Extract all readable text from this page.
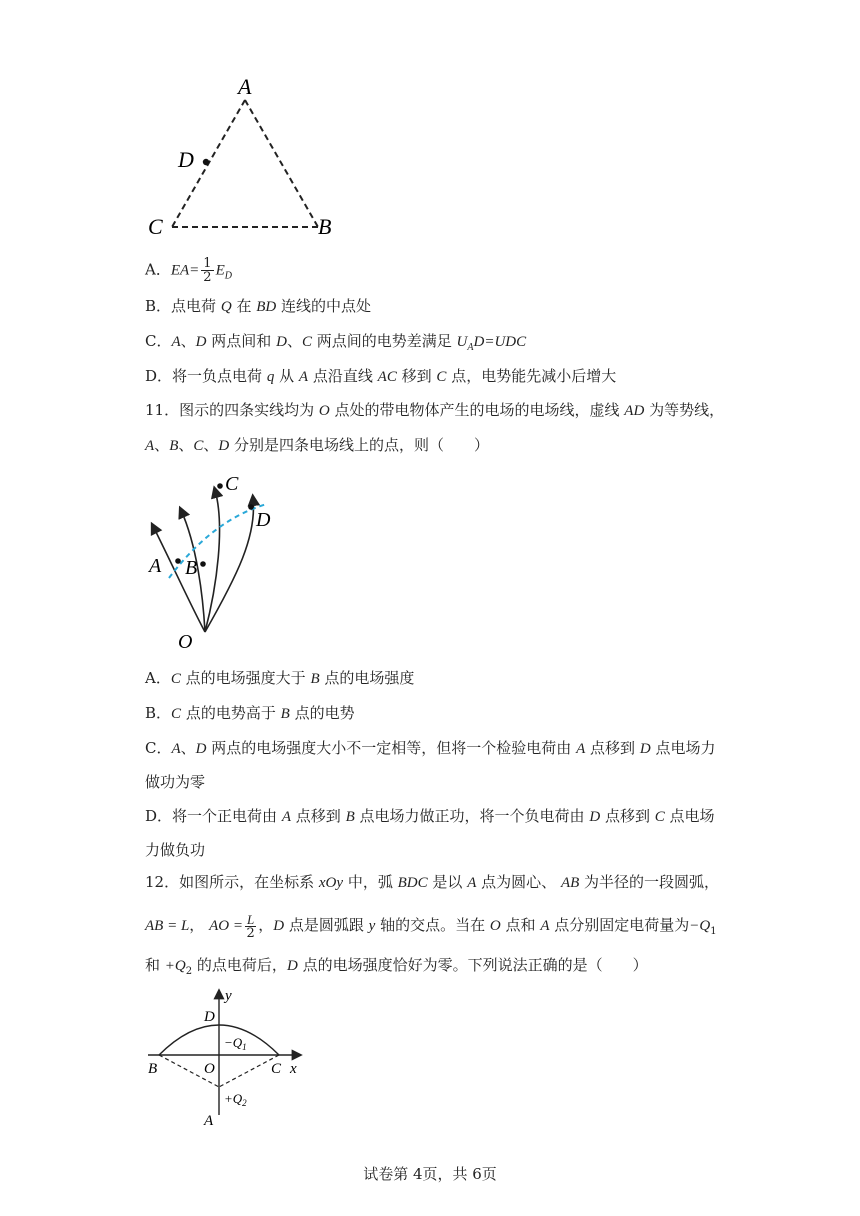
A
D
C	B
A．$EA= \frac{1}{2} E_D$
B．点电荷 Q 在 BD 连线的中点处
C．A、D 两点间和 D、C 两点间的电势差满足 $U_AD=UDC$
D．将一负点电荷 q 从 A 点沿直线 AC 移到 C 点，电势能先减小后增大
11．图示的四条实线均为 O 点处的带电物体产生的电场的电场线，虚线 AD 为等势线，
A、B、C、D 分别是四条电场线上的点，则（　　）
A B
C
D
O
A．C 点的电场强度大于 B 点的电场强度
B．C 点的电势高于 B 点的电势
C．A、D 两点的电场强度大小不一定相等，但将一个检验电荷由 A 点移到 D 点电场力
做功为零
D．将一个正电荷由 A 点移到 B 点电场力做正功，将一个负电荷由 D 点移到 C 点电场
力做负功
12．如图所示，在坐标系 xOy 中，弧 BDC 是以 A 点为圆心、 AB 为半径的一段圆弧，
AB = L， AO = $\frac{L}{2}$ ，D 点是圆弧跟 y 轴的交点。当在 O 点和 A 点分别固定电荷量为$-Q_1$
和 $+Q_2$ 的点电荷后，D 点的电场强度恰好为零。下列说法正确的是（　　）
y
D
$-Q_1$
B	O	C x
$+Q_2$
A
试卷第 4页，共 6页
